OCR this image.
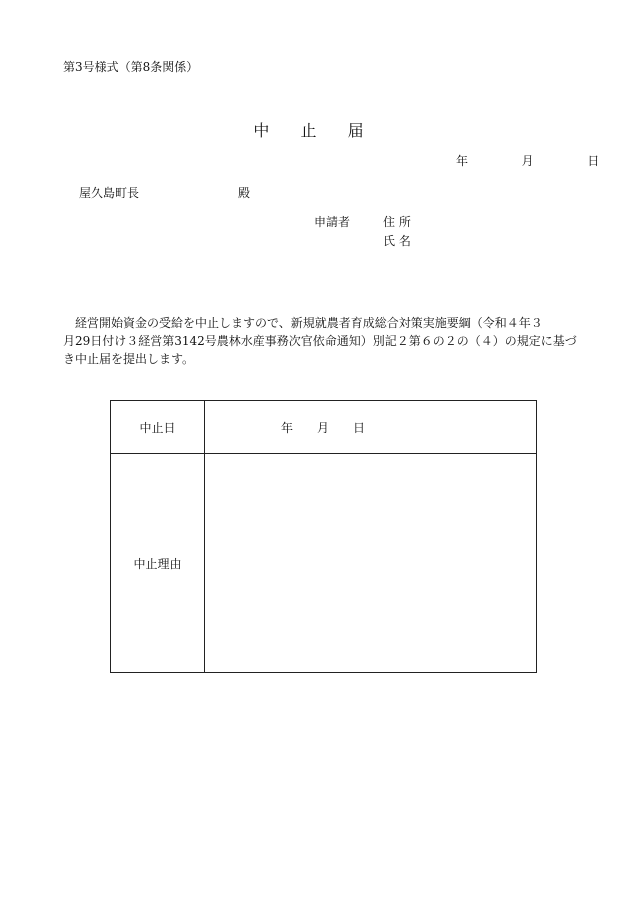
第3号様式（第8条関係）
中 止 届
年	月	日
屋久島町長	殿
申請者	住 所
氏 名

経営開始資金の受給を中止しますので、新規就農者育成総合対策実施要綱（令和４年３

月29日付け３経営第3142号農林水産事務次官依命通知）別記２第６の２の（４）の規定に基づ

き中止届を提出します。

中止日	年　　月　　日
中止理由	
